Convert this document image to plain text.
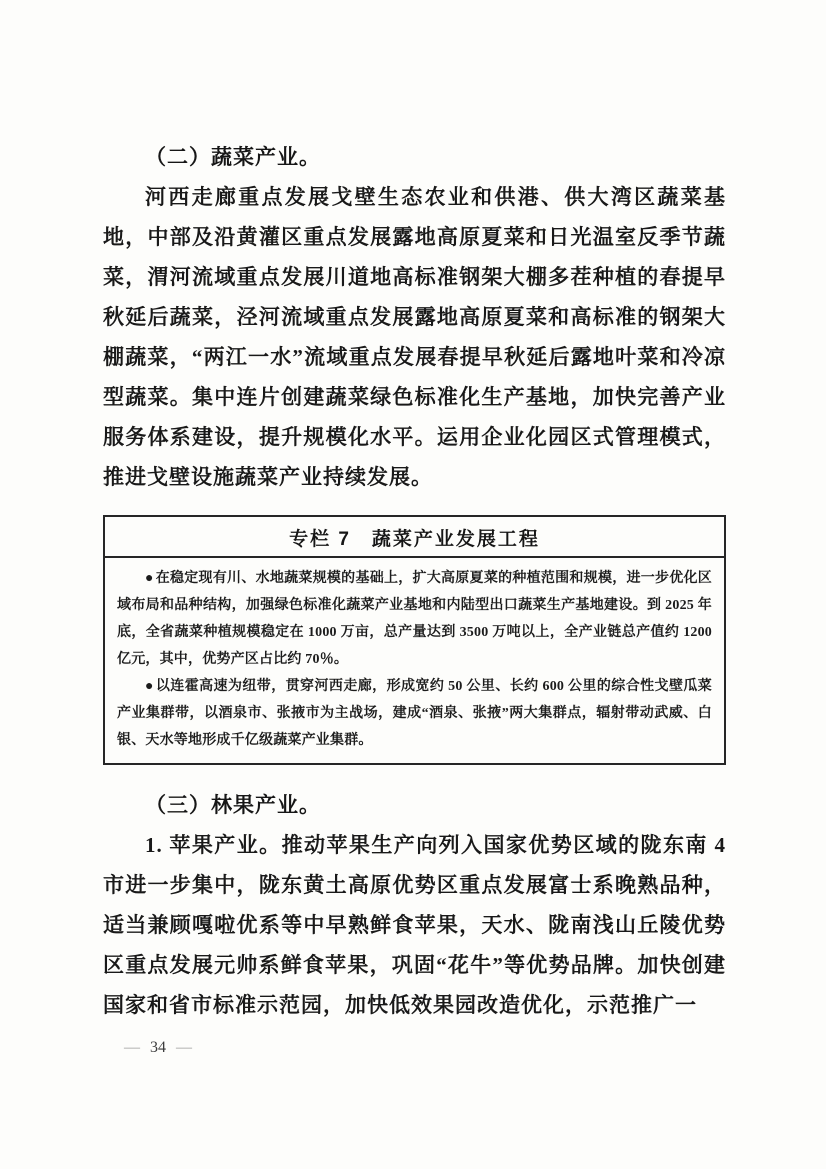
（二）蔬菜产业。

河西走廊重点发展戈壁生态农业和供港、供大湾区蔬菜基地，中部及沿黄灌区重点发展露地高原夏菜和日光温室反季节蔬菜，渭河流域重点发展川道地高标准钢架大棚多茬种植的春提早秋延后蔬菜，泾河流域重点发展露地高原夏菜和高标准的钢架大棚蔬菜，“两江一水”流域重点发展春提早秋延后露地叶菜和冷凉型蔬菜。集中连片创建蔬菜绿色标准化生产基地，加快完善产业服务体系建设，提升规模化水平。运用企业化园区式管理模式，推进戈壁设施蔬菜产业持续发展。

专栏 7　蔬菜产业发展工程

● 在稳定现有川、水地蔬菜规模的基础上，扩大高原夏菜的种植范围和规模，进一步优化区域布局和品种结构，加强绿色标准化蔬菜产业基地和内陆型出口蔬菜生产基地建设。到 2025 年底，全省蔬菜种植规模稳定在 1000 万亩，总产量达到 3500 万吨以上，全产业链总产值约 1200 亿元，其中，优势产区占比约 70％。

● 以连霍高速为纽带，贯穿河西走廊，形成宽约 50 公里、长约 600 公里的综合性戈壁瓜菜产业集群带，以酒泉市、张掖市为主战场，建成“酒泉、张掖”两大集群点，辐射带动武威、白银、天水等地形成千亿级蔬菜产业集群。

（三）林果产业。

1. 苹果产业。推动苹果生产向列入国家优势区域的陇东南 4 市进一步集中，陇东黄土高原优势区重点发展富士系晚熟品种，适当兼顾嘎啦优系等中早熟鲜食苹果，天水、陇南浅山丘陵优势区重点发展元帅系鲜食苹果，巩固“花牛”等优势品牌。加快创建国家和省市标准示范园，加快低效果园改造优化，示范推广一

— 34 —
